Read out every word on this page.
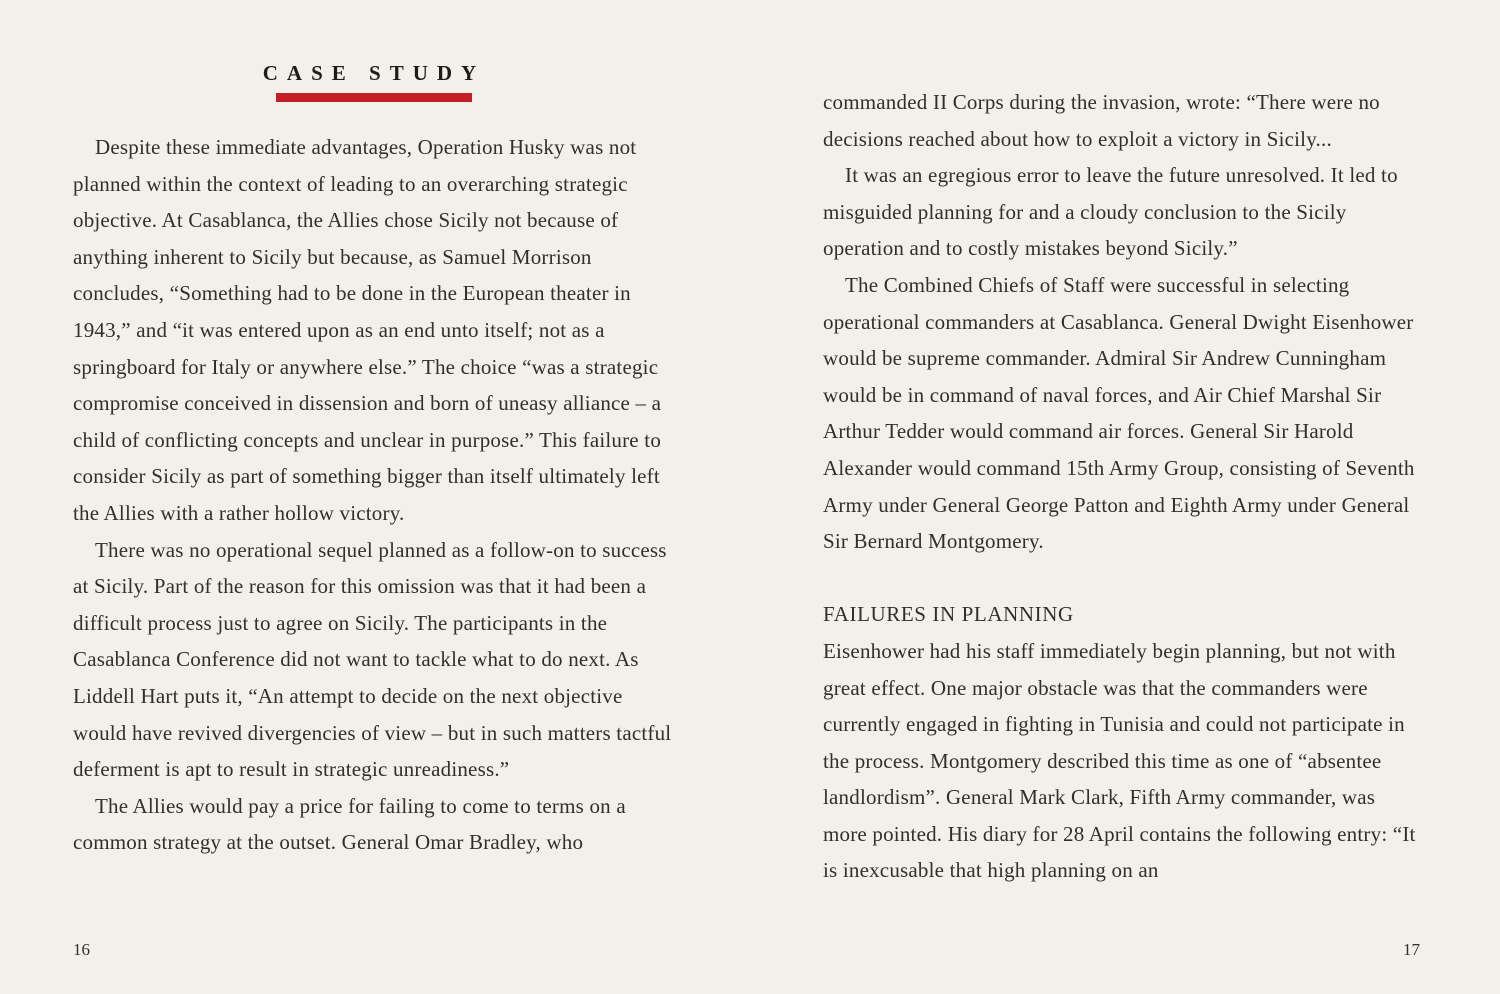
CASE STUDY

Despite these immediate advantages, Operation Husky was not planned within the context of leading to an overarching strategic objective. At Casablanca, the Allies chose Sicily not because of anything inherent to Sicily but because, as Samuel Morrison concludes, “Something had to be done in the European theater in 1943,” and “it was entered upon as an end unto itself; not as a springboard for Italy or anywhere else.” The choice “was a strategic compromise conceived in dissension and born of uneasy alliance – a child of conflicting concepts and unclear in purpose.” This failure to consider Sicily as part of something bigger than itself ultimately left the Allies with a rather hollow victory.

There was no operational sequel planned as a follow-on to success at Sicily. Part of the reason for this omission was that it had been a difficult process just to agree on Sicily. The participants in the Casablanca Conference did not want to tackle what to do next. As Liddell Hart puts it, “An attempt to decide on the next objective would have revived divergencies of view – but in such matters tactful deferment is apt to result in strategic unreadiness.”

The Allies would pay a price for failing to come to terms on a common strategy at the outset. General Omar Bradley, who

16

commanded II Corps during the invasion, wrote: “There were no decisions reached about how to exploit a victory in Sicily...

It was an egregious error to leave the future unresolved. It led to misguided planning for and a cloudy conclusion to the Sicily operation and to costly mistakes beyond Sicily.”

The Combined Chiefs of Staff were successful in selecting operational commanders at Casablanca. General Dwight Eisenhower would be supreme commander. Admiral Sir Andrew Cunningham would be in command of naval forces, and Air Chief Marshal Sir Arthur Tedder would command air forces. General Sir Harold Alexander would command 15th Army Group, consisting of Seventh Army under General George Patton and Eighth Army under General Sir Bernard Montgomery.

FAILURES IN PLANNING

Eisenhower had his staff immediately begin planning, but not with great effect. One major obstacle was that the commanders were currently engaged in fighting in Tunisia and could not participate in the process. Montgomery described this time as one of “absentee landlordism”. General Mark Clark, Fifth Army commander, was more pointed. His diary for 28 April contains the following entry: “It is inexcusable that high planning on an

17
